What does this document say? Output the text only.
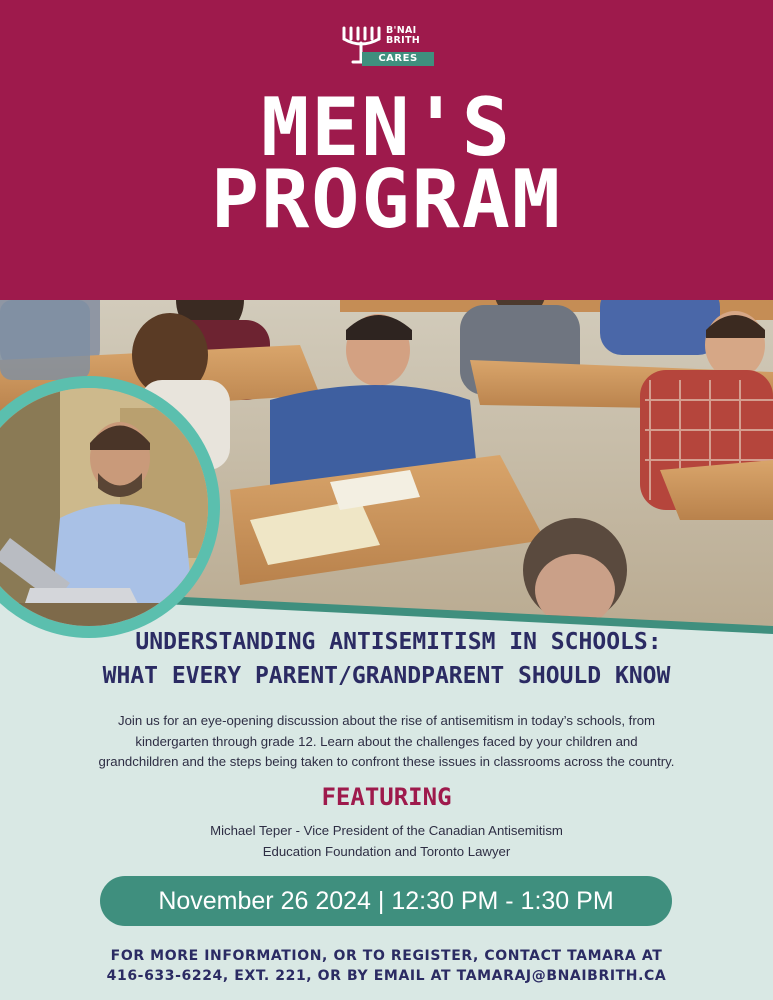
B'NAI
BRITH
CARES
MEN'S
PROGRAM
UNDERSTANDING ANTISEMITISM IN SCHOOLS:
WHAT EVERY PARENT/GRANDPARENT SHOULD KNOW
Join us for an eye-opening discussion about the rise of antisemitism in today’s schools, from
kindergarten through grade 12. Learn about the challenges faced by your children and
grandchildren and the steps being taken to confront these issues in classrooms across the country.
FEATURING
Michael Teper - Vice President of the Canadian Antisemitism
Education Foundation and Toronto Lawyer
November 26 2024 | 12:30 PM - 1:30 PM
FOR MORE INFORMATION, OR TO REGISTER, CONTACT TAMARA AT
416-633-6224, EXT. 221, OR BY EMAIL AT TAMARAJ@BNAIBRITH.CA
